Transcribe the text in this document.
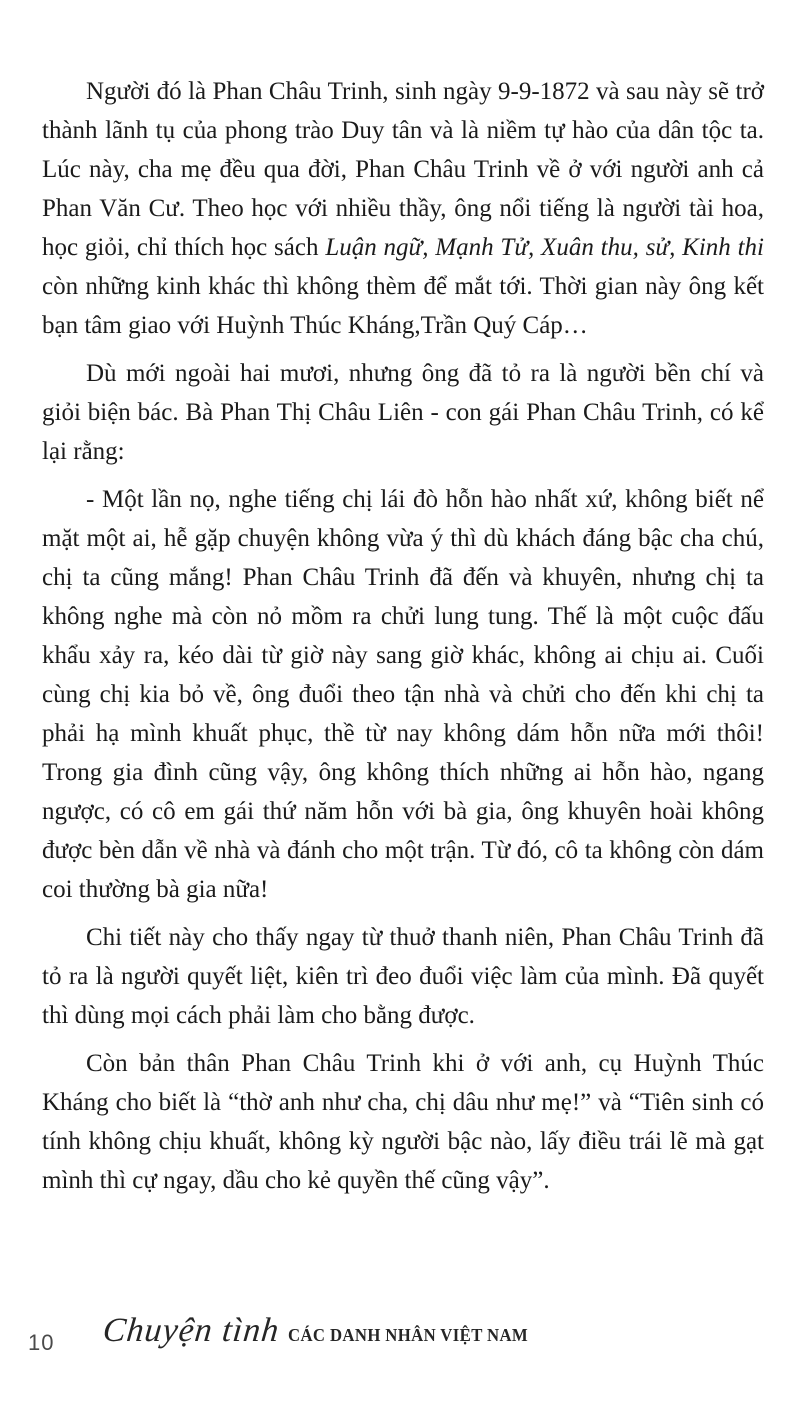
Người đó là Phan Châu Trinh, sinh ngày 9-9-1872 và sau này sẽ trở thành lãnh tụ của phong trào Duy tân và là niềm tự hào của dân tộc ta. Lúc này, cha mẹ đều qua đời, Phan Châu Trinh về ở với người anh cả Phan Văn Cư. Theo học với nhiều thầy, ông nổi tiếng là người tài hoa, học giỏi, chỉ thích học sách Luận ngữ, Mạnh Tử, Xuân thu, sử, Kinh thi còn những kinh khác thì không thèm để mắt tới. Thời gian này ông kết bạn tâm giao với Huỳnh Thúc Kháng,Trần Quý Cáp…

Dù mới ngoài hai mươi, nhưng ông đã tỏ ra là người bền chí và giỏi biện bác. Bà Phan Thị Châu Liên - con gái Phan Châu Trinh, có kể lại rằng:

- Một lần nọ, nghe tiếng chị lái đò hỗn hào nhất xứ, không biết nể mặt một ai, hễ gặp chuyện không vừa ý thì dù khách đáng bậc cha chú, chị ta cũng mắng! Phan Châu Trinh đã đến và khuyên, nhưng chị ta không nghe mà còn nỏ mồm ra chửi lung tung. Thế là một cuộc đấu khẩu xảy ra, kéo dài từ giờ này sang giờ khác, không ai chịu ai. Cuối cùng chị kia bỏ về, ông đuổi theo tận nhà và chửi cho đến khi chị ta phải hạ mình khuất phục, thề từ nay không dám hỗn nữa mới thôi! Trong gia đình cũng vậy, ông không thích những ai hỗn hào, ngang ngược, có cô em gái thứ năm hỗn với bà gia, ông khuyên hoài không được bèn dẫn về nhà và đánh cho một trận. Từ đó, cô ta không còn dám coi thường bà gia nữa!

Chi tiết này cho thấy ngay từ thuở thanh niên, Phan Châu Trinh đã tỏ ra là người quyết liệt, kiên trì đeo đuổi việc làm của mình. Đã quyết thì dùng mọi cách phải làm cho bằng được.

Còn bản thân Phan Châu Trinh khi ở với anh, cụ Huỳnh Thúc Kháng cho biết là “thờ anh như cha, chị dâu như mẹ!” và “Tiên sinh có tính không chịu khuất, không kỳ người bậc nào, lấy điều trái lẽ mà gạt mình thì cự ngay, dầu cho kẻ quyền thế cũng vậy”.

10 Chuyện tình CÁC DANH NHÂN VIỆT NAM
